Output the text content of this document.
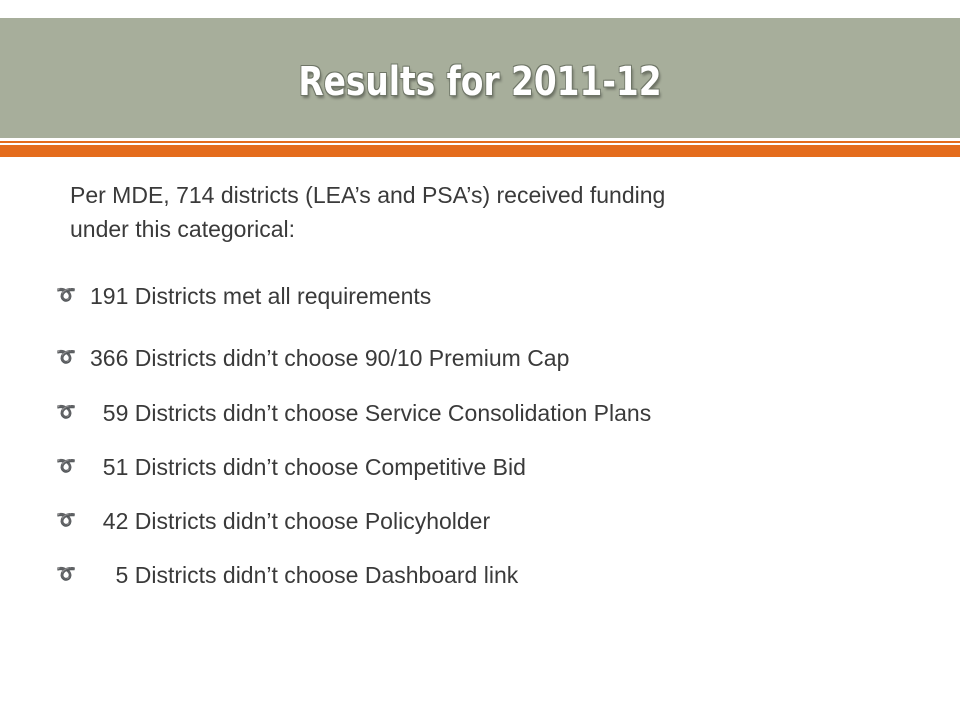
Results for 2011-12
Per MDE, 714 districts (LEA’s and PSA’s) received funding
under this categorical:
➰ 191 Districts met all requirements
➰ 366 Districts didn’t choose 90/10 Premium Cap
➰  59 Districts didn’t choose Service Consolidation Plans
➰  51 Districts didn’t choose Competitive Bid
➰  42 Districts didn’t choose Policyholder
➰    5 Districts didn’t choose Dashboard link
